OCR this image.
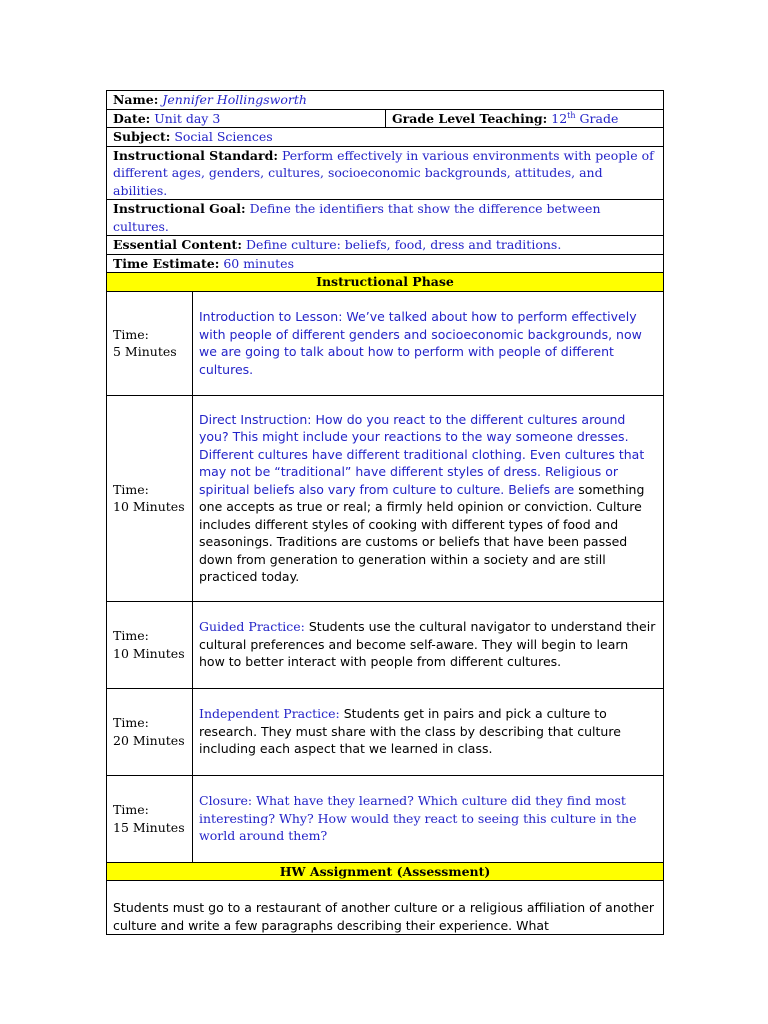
Name: Jennifer Hollingsworth		
Date: Unit day 3		Grade Level Teaching: 12th Grade
Subject: Social Sciences		
Instructional Standard: Perform effectively in various environments with people of different ages, genders, cultures, socioeconomic backgrounds, attitudes, and abilities.		
Instructional Goal: Define the identifiers that show the difference between cultures.		
Essential Content: Define culture: beliefs, food, dress and traditions.		
Time Estimate: 60 minutes		
Instructional Phase		

Time:
5 Minutes	Introduction to Lesson: We’ve talked about how to perform effectively with people of different genders and socioeconomic backgrounds, now we are going to talk about how to perform with people of different cultures.	

Time:
10 Minutes	Direct Instruction: How do you react to the different cultures around you? This might include your reactions to the way someone dresses. Different cultures have different traditional clothing. Even cultures that may not be “traditional” have different styles of dress. Religious or spiritual beliefs also vary from culture to culture. Beliefs are something one accepts as true or real; a firmly held opinion or conviction. Culture includes different styles of cooking with different types of food and seasonings. Traditions are customs or beliefs that have been passed down from generation to generation within a society and are still practiced today.	

Time:
10 Minutes	Guided Practice: Students use the cultural navigator to understand their cultural preferences and become self-aware. They will begin to learn how to better interact with people from different cultures.	

Time:
20 Minutes	Independent Practice: Students get in pairs and pick a culture to research. They must share with the class by describing that culture including each aspect that we learned in class.	

Time:
15 Minutes	Closure: What have they learned? Which culture did they find most interesting? Why? How would they react to seeing this culture in the world around them?	
HW Assignment (Assessment)		
Students must go to a restaurant of another culture or a religious affiliation of another culture and write a few paragraphs describing their experience. What		
